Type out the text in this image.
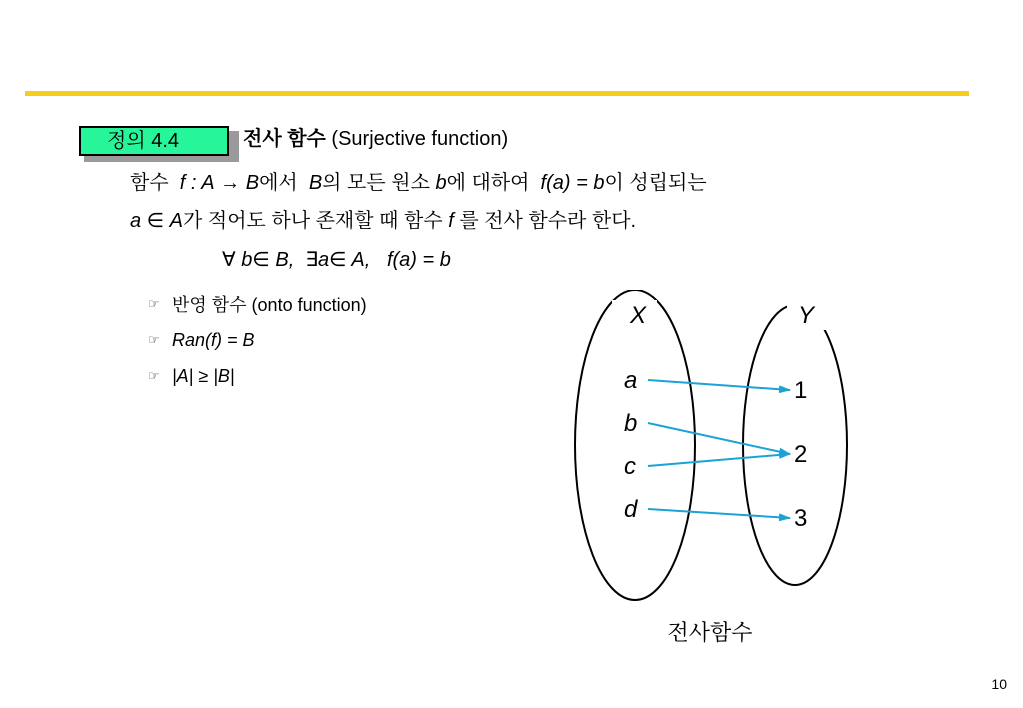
정의 4.4	전사 함수 (Surjective function)
함수 f : A → B에서 B의 모든 원소 b에 대하여 f(a) = b이 성립되는
a ∈ A가 적어도 하나 존재할 때 함수 f 를 전사 함수라 한다.
∀ b∈ B, ∃a∈ A, f(a) = b
☞ 반영 함수 (onto function)
☞ Ran(f) = B
☞ |A| ≥ |B|
X	Y
a
b
c
d
1
2
3
전사함수
10
